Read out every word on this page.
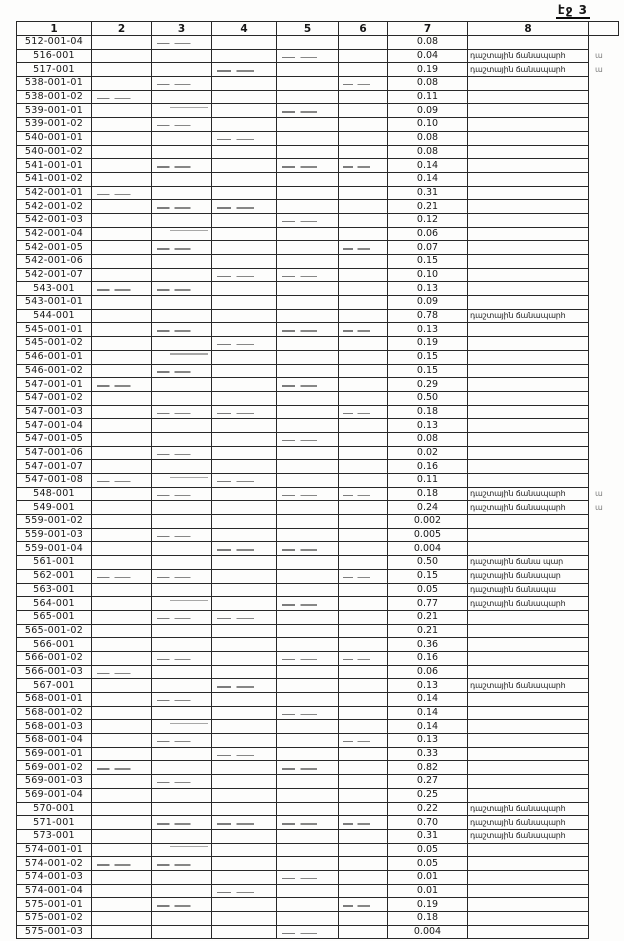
էջ 3
1	2	3	4	5	6	7	8	
512-001-04						0.08		
516-001						0.04	դաշտային ճանապարհ	ա
517-001						0.19	դաշտային ճանապարհ	ա
538-001-01						0.08		
538-001-02						0.11		
539-001-01						0.09		
539-001-02						0.10		
540-001-01						0.08		
540-001-02						0.08		
541-001-01						0.14		
541-001-02						0.14		
542-001-01						0.31		
542-001-02						0.21		
542-001-03						0.12		
542-001-04						0.06		
542-001-05						0.07		
542-001-06						0.15		
542-001-07						0.10		
543-001						0.13		
543-001-01						0.09		
544-001						0.78	դաշտային ճանապարհ	
545-001-01						0.13		
545-001-02						0.19		
546-001-01						0.15		
546-001-02						0.15		
547-001-01						0.29		
547-001-02						0.50		
547-001-03						0.18		
547-001-04						0.13		
547-001-05						0.08		
547-001-06						0.02		
547-001-07						0.16		
547-001-08						0.11		
548-001						0.18	դաշտային ճանապարհ	ա
549-001						0.24	դաշտային ճանապարհ	ա
559-001-02						0.002		
559-001-03						0.005		
559-001-04						0.004		
561-001						0.50	դաշտային ճանա պար	
562-001						0.15	դաշտային ճանապար	
563-001						0.05	դաշտային ճանապա	
564-001						0.77	դաշտային ճանապարհ	
565-001						0.21		
565-001-02						0.21		
566-001						0.36		
566-001-02						0.16		
566-001-03						0.06		
567-001						0.13	դաշտային ճանապարհ	
568-001-01						0.14		
568-001-02						0.14		
568-001-03						0.14		
568-001-04						0.13		
569-001-01						0.33		
569-001-02						0.82		
569-001-03						0.27		
569-001-04						0.25		
570-001						0.22	դաշտային ճանապարհ	
571-001						0.70	դաշտային ճանապարհ	
573-001						0.31	դաշտային ճանապարհ	
574-001-01						0.05		
574-001-02						0.05		
574-001-03						0.01		
574-001-04						0.01		
575-001-01						0.19		
575-001-02						0.18		
575-001-03						0.004		
